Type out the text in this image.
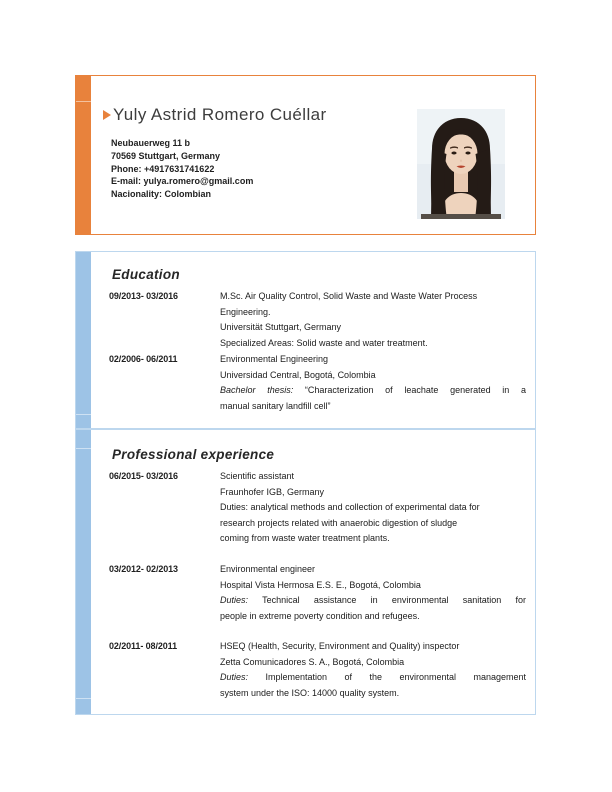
Yuly Astrid Romero Cuéllar
Neubauerweg 11 b
70569 Stuttgart, Germany
Phone: +4917631741622
E-mail: yulya.romero@gmail.com
Nacionality: Colombian
Education
09/2013- 03/2016	M.Sc. Air Quality Control, Solid Waste and Waste Water Process
Engineering.
Universität Stuttgart, Germany
Specialized Areas: Solid waste and water treatment.
02/2006- 06/2011	Environmental Engineering
Universidad Central, Bogotá, Colombia
Bachelor thesis: “Characterization of leachate generated in a
manual sanitary landfill cell”
Professional experience
06/2015- 03/2016	Scientific assistant
Fraunhofer IGB, Germany
Duties: analytical methods and collection of experimental data for
research projects related with anaerobic digestion of sludge
coming from waste water treatment plants.
03/2012- 02/2013	Environmental engineer
Hospital Vista Hermosa E.S. E., Bogotá, Colombia
Duties: Technical assistance in environmental sanitation for
people in extreme poverty condition and refugees.
02/2011- 08/2011	HSEQ (Health, Security, Environment and Quality) inspector
Zetta Comunicadores S. A., Bogotá, Colombia
Duties: Implementation of the environmental management
system under the ISO: 14000 quality system.
